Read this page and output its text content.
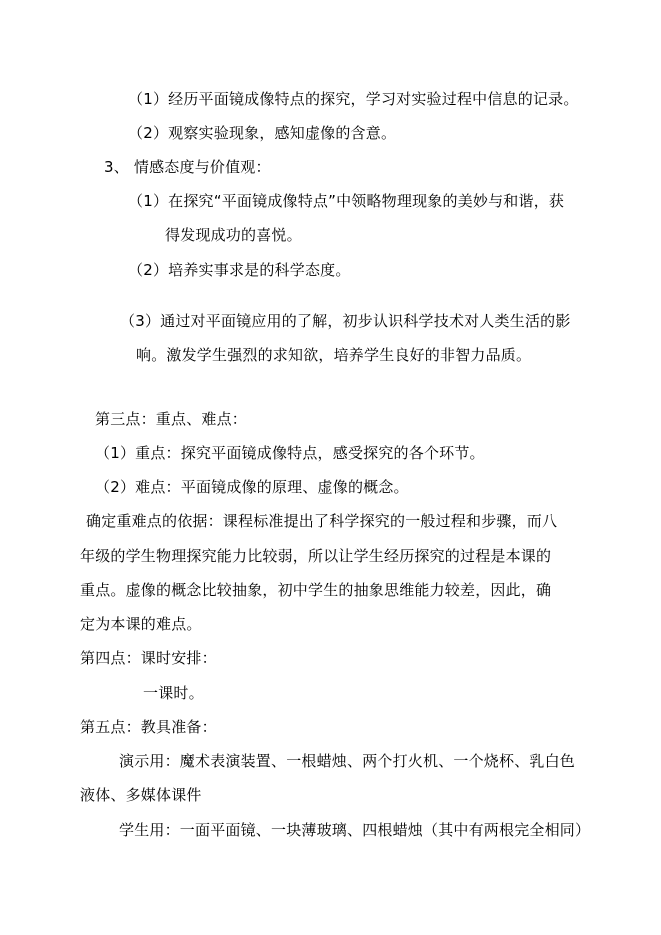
（1）经历平面镜成像特点的探究，学习对实验过程中信息的记录。
（2）观察实验现象，感知虚像的含意。
3、 情感态度与价值观：
（1）在探究“平面镜成像特点”中领略物理现象的美妙与和谐，获
得发现成功的喜悦。
（2）培养实事求是的科学态度。
（3）通过对平面镜应用的了解，初步认识科学技术对人类生活的影
响。激发学生强烈的求知欲，培养学生良好的非智力品质。
第三点：重点、难点：
（1）重点：探究平面镜成像特点，感受探究的各个环节。
（2）难点：平面镜成像的原理、虚像的概念。
确定重难点的依据：课程标准提出了科学探究的一般过程和步骤，而八
年级的学生物理探究能力比较弱，所以让学生经历探究的过程是本课的
重点。虚像的概念比较抽象，初中学生的抽象思维能力较差，因此，确
定为本课的难点。
第四点：课时安排：
一课时。
第五点：教具准备：
演示用：魔术表演装置、一根蜡烛、两个打火机、一个烧杯、乳白色
液体、多媒体课件
学生用：一面平面镜、一块薄玻璃、四根蜡烛（其中有两根完全相同）
